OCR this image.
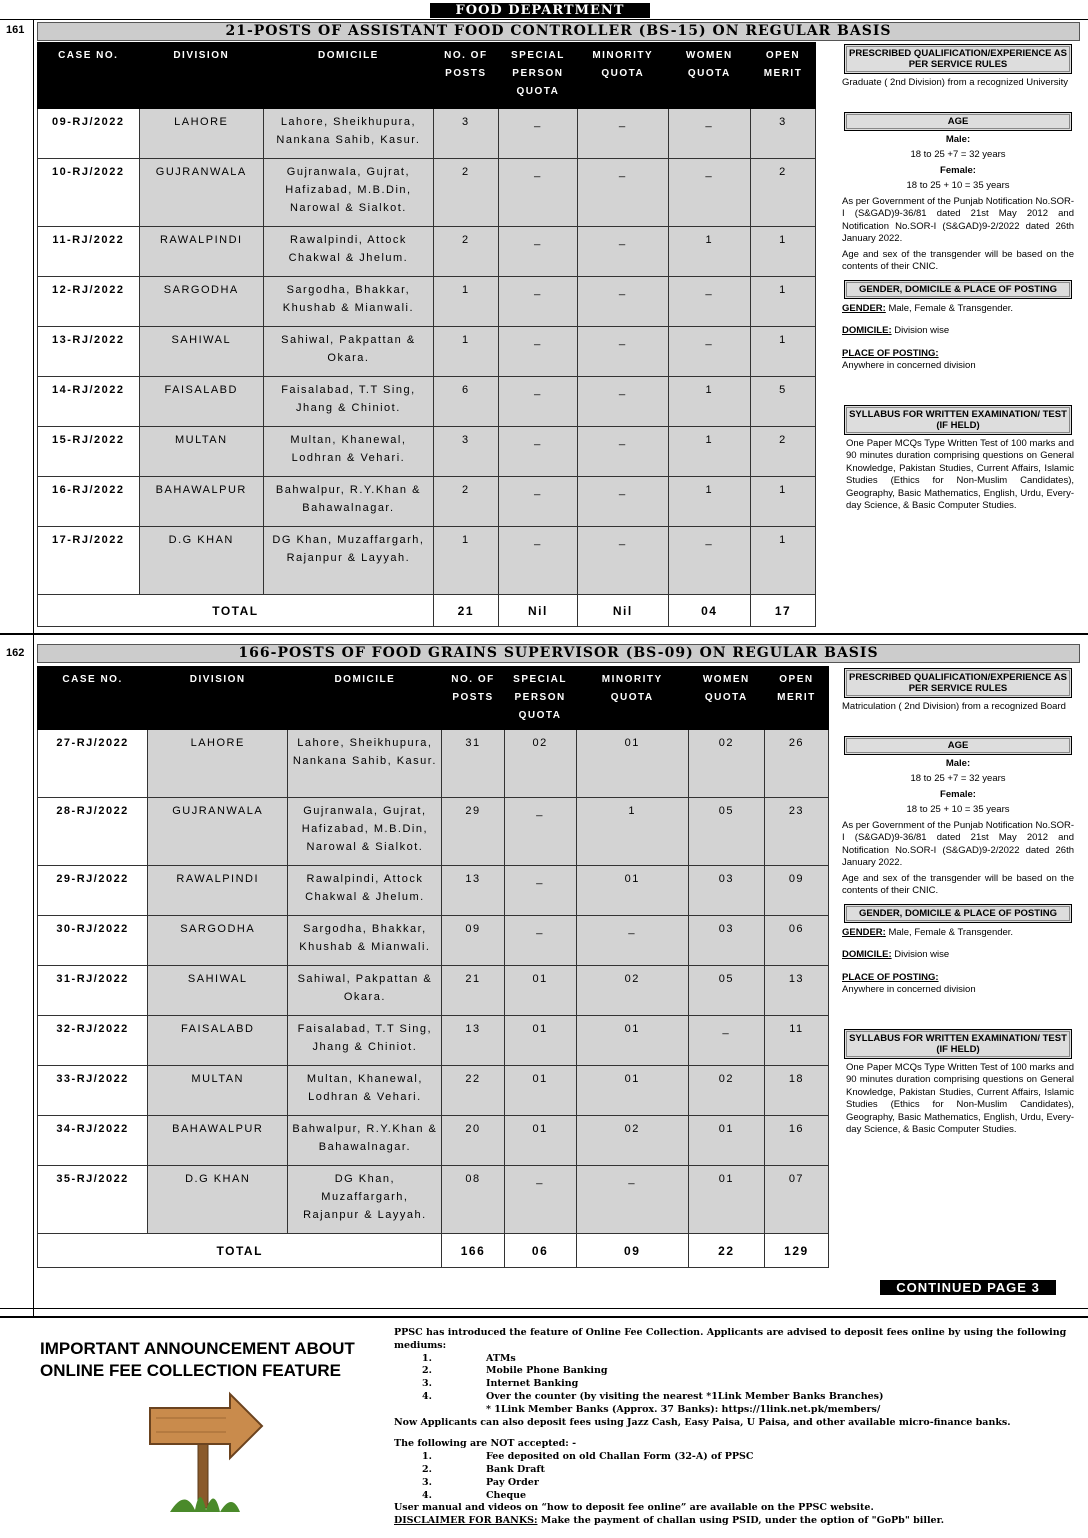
FOOD DEPARTMENT
161	21-POSTS OF ASSISTANT FOOD CONTROLLER (BS-15) ON REGULAR BASIS
CASE NO.	DIVISION	DOMICILE	NO. OF POSTS	SPECIAL PERSON QUOTA	MINORITY QUOTA	WOMEN QUOTA	OPEN MERIT
09-RJ/2022	LAHORE	Lahore, Sheikhupura, Nankana Sahib, Kasur.	3	_	_	_	3
10-RJ/2022	GUJRANWALA	Gujranwala, Gujrat, Hafizabad, M.B.Din, Narowal & Sialkot.	2	_	_	_	2
11-RJ/2022	RAWALPINDI	Rawalpindi, Attock Chakwal & Jhelum.	2	_	_	1	1
12-RJ/2022	SARGODHA	Sargodha, Bhakkar, Khushab & Mianwali.	1	_	_	_	1
13-RJ/2022	SAHIWAL	Sahiwal, Pakpattan & Okara.	1	_	_	_	1
14-RJ/2022	FAISALABD	Faisalabad, T.T Sing, Jhang & Chiniot.	6	_	_	1	5
15-RJ/2022	MULTAN	Multan, Khanewal, Lodhran & Vehari.	3	_	_	1	2
16-RJ/2022	BAHAWALPUR	Bahwalpur, R.Y.Khan & Bahawalnagar.	2	_	_	1	1
17-RJ/2022	D.G KHAN	DG Khan, Muzaffargarh, Rajanpur & Layyah.	1	_	_	_	1
TOTAL			21	Nil	Nil	04	17
PRESCRIBED QUALIFICATION/EXPERIENCE AS PER SERVICE RULES
Graduate ( 2nd Division) from a recognized University
AGE
Male:
18 to 25 +7 = 32 years
Female:
18 to 25 + 10 = 35 years
As per Government of the Punjab Notification No.SOR-I (S&GAD)9-36/81 dated 21st May 2012 and Notification No.SOR-I (S&GAD)9-2/2022 dated 26th January 2022.
Age and sex of the transgender will be based on the contents of their CNIC.
GENDER, DOMICILE & PLACE OF POSTING
GENDER: Male, Female & Transgender.
DOMICILE: Division wise
PLACE OF POSTING:
Anywhere in concerned division
SYLLABUS FOR WRITTEN EXAMINATION/ TEST (IF HELD)
One Paper MCQs Type Written Test of 100 marks and 90 minutes duration comprising questions on General Knowledge, Pakistan Studies, Current Affairs, Islamic Studies (Ethics for Non-Muslim Candidates), Geography, Basic Mathematics, English, Urdu, Every-day Science, & Basic Computer Studies.
162	166-POSTS OF FOOD GRAINS SUPERVISOR (BS-09) ON REGULAR BASIS
CASE NO.	DIVISION	DOMICILE	NO. OF POSTS	SPECIAL PERSON QUOTA	MINORITY QUOTA	WOMEN QUOTA	OPEN MERIT
27-RJ/2022	LAHORE	Lahore, Sheikhupura, Nankana Sahib, Kasur.	31	02	01	02	26
28-RJ/2022	GUJRANWALA	Gujranwala, Gujrat, Hafizabad, M.B.Din, Narowal & Sialkot.	29	_	1	05	23
29-RJ/2022	RAWALPINDI	Rawalpindi, Attock Chakwal & Jhelum.	13	_	01	03	09
30-RJ/2022	SARGODHA	Sargodha, Bhakkar, Khushab & Mianwali.	09	_	_	03	06
31-RJ/2022	SAHIWAL	Sahiwal, Pakpattan & Okara.	21	01	02	05	13
32-RJ/2022	FAISALABD	Faisalabad, T.T Sing, Jhang & Chiniot.	13	01	01	_	11
33-RJ/2022	MULTAN	Multan, Khanewal, Lodhran & Vehari.	22	01	01	02	18
34-RJ/2022	BAHAWALPUR	Bahwalpur, R.Y.Khan & Bahawalnagar.	20	01	02	01	16
35-RJ/2022	D.G KHAN	DG Khan, Muzaffargarh, Rajanpur & Layyah.	08	_	_	01	07
TOTAL			166	06	09	22	129
PRESCRIBED QUALIFICATION/EXPERIENCE AS PER SERVICE RULES
Matriculation ( 2nd Division) from a recognized Board
AGE
Male:
18 to 25 +7 = 32 years
Female:
18 to 25 + 10 = 35 years
As per Government of the Punjab Notification No.SOR-I (S&GAD)9-36/81 dated 21st May 2012 and Notification No.SOR-I (S&GAD)9-2/2022 dated 26th January 2022.
Age and sex of the transgender will be based on the contents of their CNIC.
GENDER, DOMICILE & PLACE OF POSTING
GENDER: Male, Female & Transgender.
DOMICILE: Division wise
PLACE OF POSTING:
Anywhere in concerned division
SYLLABUS FOR WRITTEN EXAMINATION/ TEST (IF HELD)
One Paper MCQs Type Written Test of 100 marks and 90 minutes duration comprising questions on General Knowledge, Pakistan Studies, Current Affairs, Islamic Studies (Ethics for Non-Muslim Candidates), Geography, Basic Mathematics, English, Urdu, Every-day Science, & Basic Computer Studies.
CONTINUED PAGE 3
IMPORTANT ANNOUNCEMENT ABOUT
ONLINE FEE COLLECTION FEATURE
PPSC has introduced the feature of Online Fee Collection. Applicants are advised to deposit fees online by using the following mediums:
1.	ATMs
2.	Mobile Phone Banking
3.	Internet Banking
4.	Over the counter (by visiting the nearest *1Link Member Banks Branches)
* 1Link Member Banks (Approx. 37 Banks): https://1link.net.pk/members/
Now Applicants can also deposit fees using Jazz Cash, Easy Paisa, U Paisa, and other available micro-finance banks.
The following are NOT accepted: -
1.	Fee deposited on old Challan Form (32-A) of PPSC
2.	Bank Draft
3.	Pay Order
4.	Cheque
User manual and videos on “how to deposit fee online” are available on the PPSC website.
DISCLAIMER FOR BANKS: Make the payment of challan using PSID, under the option of "GoPb" biller.
